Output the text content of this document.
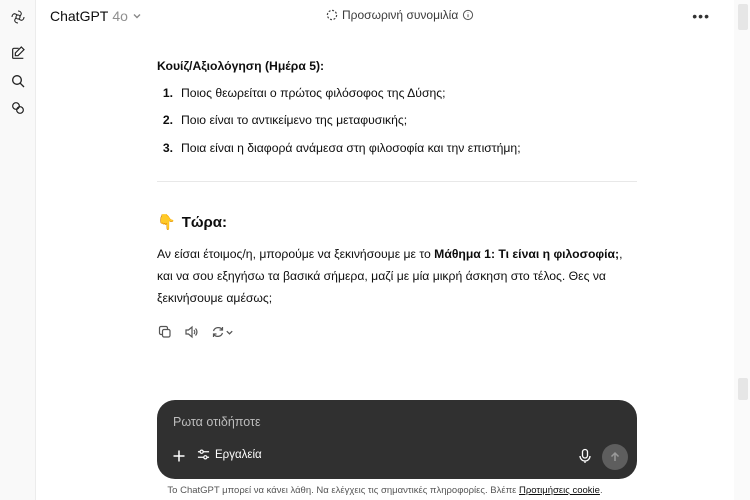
ChatGPT 4o	Προσωρινή συνομιλία	•••
Κουίζ/Αξιολόγηση (Ημέρα 5):
1. Ποιος θεωρείται ο πρώτος φιλόσοφος της Δύσης;
2. Ποιο είναι το αντικείμενο της μεταφυσικής;
3. Ποια είναι η διαφορά ανάμεσα στη φιλοσοφία και την επιστήμη;
👇 Τώρα:

Αν είσαι έτοιμος/η, μπορούμε να ξεκινήσουμε με το Μάθημα 1: Τι είναι η φιλοσοφία;, και να σου εξηγήσω τα βασικά σήμερα, μαζί με μία μικρή άσκηση στο τέλος. Θες να ξεκινήσουμε αμέσως;

Ρωτα οτιδήποτε
Εργαλεία
Το ChatGPT μπορεί να κάνει λάθη. Να ελέγχεις τις σημαντικές πληροφορίες. Βλέπε Προτιμήσεις cookie.
